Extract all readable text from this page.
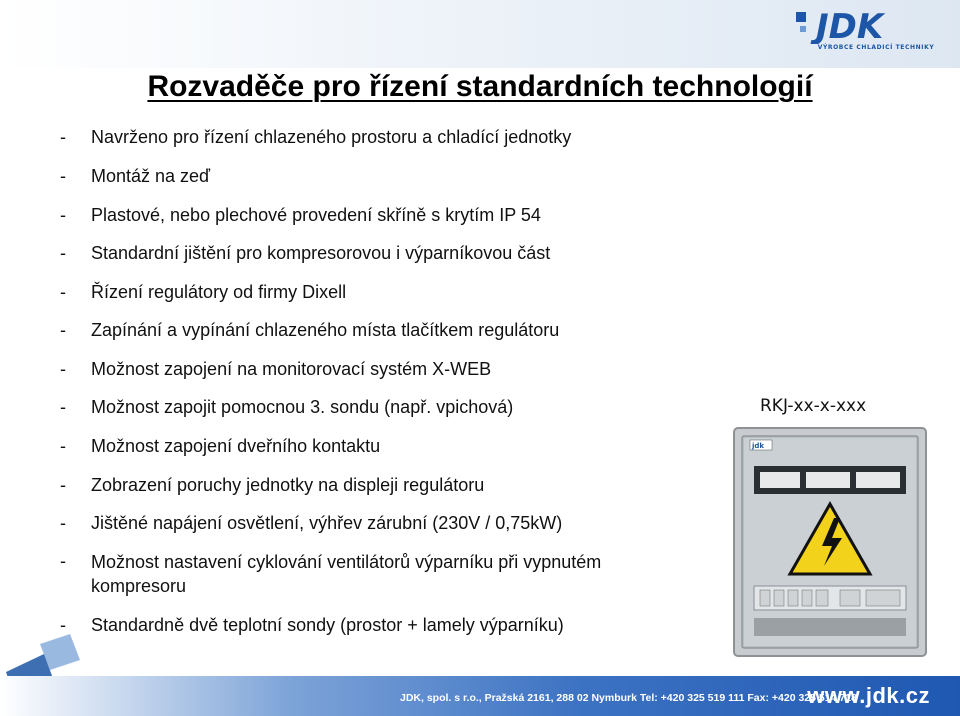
JDK
VÝROBCE CHLADICÍ TECHNIKY
Rozvaděče pro řízení standardních technologií
-	Navrženo pro řízení chlazeného prostoru a chladící jednotky
-	Montáž na zeď
-	Plastové, nebo plechové provedení skříně s krytím IP 54
-	Standardní jištění pro kompresorovou i výparníkovou část
-	Řízení regulátory od firmy Dixell
-	Zapínání a vypínání chlazeného místa tlačítkem regulátoru
-	Možnost zapojení na monitorovací systém X-WEB
-	Možnost zapojit pomocnou 3. sondu (např. vpichová)
-	Možnost zapojení dveřního kontaktu
-	Zobrazení poruchy jednotky na displeji regulátoru
-	Jištěné napájení osvětlení, výhřev zárubní (230V / 0,75kW)
-	Možnost nastavení cyklování ventilátorů výparníku při vypnutém kompresoru
-	Standardně dvě teplotní sondy (prostor + lamely výparníku)
RKJ-xx-x-xxx
jdk
JDK, spol. s r.o., Pražská 2161, 288 02 Nymburk Tel: +420 325 519 111 Fax: +420 325 514 718
www.jdk.cz
